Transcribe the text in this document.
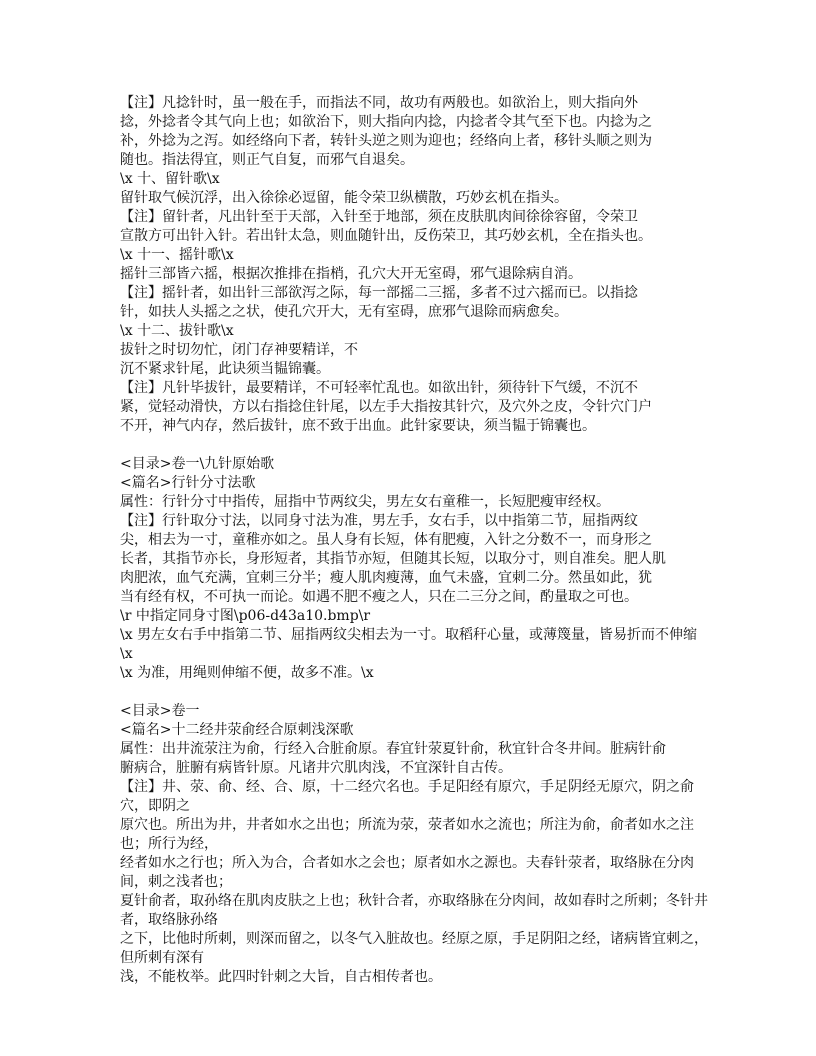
【注】凡捻针时，虽一般在手，而指法不同，故功有两般也。如欲治上，则大指向外
捻，外捻者令其气向上也；如欲治下，则大指向内捻，内捻者令其气至下也。内捻为之
补，外捻为之泻。如经络向下者，转针头逆之则为迎也；经络向上者，移针头顺之则为
随也。指法得宜，则正气自复，而邪气自退矣。
\x 十、留针歌\x
留针取气候沉浮，出入徐徐必逗留，能令荣卫纵横散，巧妙玄机在指头。
【注】留针者，凡出针至于天部，入针至于地部，须在皮肤肌肉间徐徐容留，令荣卫
宣散方可出针入针。若出针太急，则血随针出，反伤荣卫，其巧妙玄机，全在指头也。
\x 十一、摇针歌\x
摇针三部皆六摇，根据次推排在指梢，孔穴大开无室碍，邪气退除病自消。
【注】摇针者，如出针三部欲泻之际，每一部摇二三摇，多者不过六摇而已。以指捻
针，如扶人头摇之之状，使孔穴开大，无有室碍，庶邪气退除而病愈矣。
\x 十二、拔针歌\x
拔针之时切勿忙，闭门存神要精详，不
沉不紧求针尾，此诀须当韫锦囊。
【注】凡针毕拔针，最要精详，不可轻率忙乱也。如欲出针，须待针下气缓，不沉不
紧，觉轻动滑快，方以右指捻住针尾，以左手大指按其针穴，及穴外之皮，令针穴门户
不开，神气内存，然后拔针，庶不致于出血。此针家要诀，须当韫于锦囊也。
<目录>卷一\九针原始歌
<篇名>行针分寸法歌
属性：行针分寸中指传，屈指中节两纹尖，男左女右童稚一，长短肥瘦审经权。
【注】行针取分寸法，以同身寸法为准，男左手，女右手，以中指第二节，屈指两纹
尖，相去为一寸，童稚亦如之。虽人身有长短，体有肥瘦，入针之分数不一，而身形之
长者，其指节亦长，身形短者，其指节亦短，但随其长短，以取分寸，则自准矣。肥人肌
肉肥浓，血气充满，宜刺三分半；瘦人肌肉瘦薄，血气未盛，宜刺二分。然虽如此，犹
当有经有权，不可执一而论。如遇不肥不瘦之人，只在二三分之间，酌量取之可也。
\r 中指定同身寸图\p06-d43a10.bmp\r
\x 男左女右手中指第二节、屈指两纹尖相去为一寸。取稻秆心量，或薄篾量，皆易折而不伸缩
\x
\x 为准，用绳则伸缩不便，故多不准。\x
<目录>卷一
<篇名>十二经井荥俞经合原刺浅深歌
属性：出井流荥注为俞，行经入合脏俞原。春宜针荥夏针俞，秋宜针合冬井间。脏病针俞
腑病合，脏腑有病皆针原。凡诸井穴肌肉浅，不宜深针自古传。
【注】井、荥、俞、经、合、原，十二经穴名也。手足阳经有原穴，手足阴经无原穴，阴之俞穴，即阴之
原穴也。所出为井，井者如水之出也；所流为荥，荥者如水之流也；所注为俞，俞者如水之注也；所行为经，
经者如水之行也；所入为合，合者如水之会也；原者如水之源也。夫春针荥者，取络脉在分肉间，刺之浅者也；
夏针俞者，取孙络在肌肉皮肤之上也；秋针合者，亦取络脉在分肉间，故如春时之所刺；冬针井者，取络脉孙络
之下，比他时所刺，则深而留之，以冬气入脏故也。经原之原，手足阴阳之经，诸病皆宜刺之，但所刺有深有
浅，不能枚举。此四时针刺之大旨，自古相传者也。
